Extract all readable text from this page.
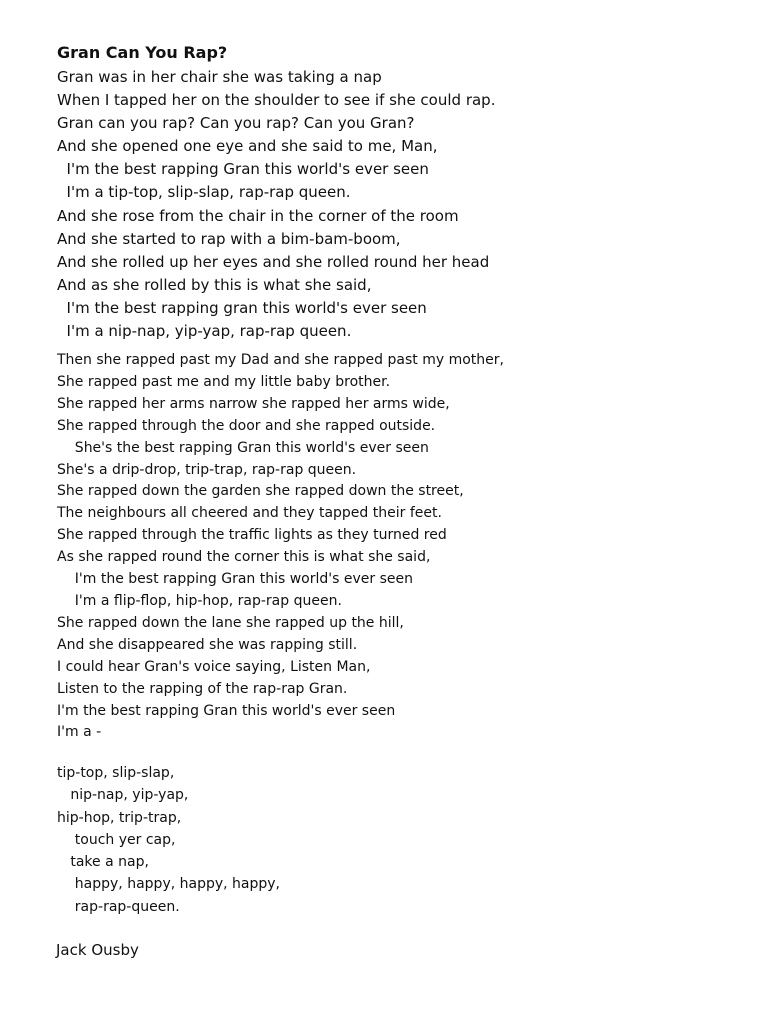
Gran Can You Rap?
Gran was in her chair she was taking a nap
When I tapped her on the shoulder to see if she could rap.
Gran can you rap? Can you rap? Can you Gran?
And she opened one eye and she said to me, Man,
I'm the best rapping Gran this world's ever seen
I'm a tip-top, slip-slap, rap-rap queen.
And she rose from the chair in the corner of the room
And she started to rap with a bim-bam-boom,
And she rolled up her eyes and she rolled round her head
And as she rolled by this is what she said,
I'm the best rapping gran this world's ever seen
I'm a nip-nap, yip-yap, rap-rap queen.
Then she rapped past my Dad and she rapped past my mother,
She rapped past me and my little baby brother.
She rapped her arms narrow she rapped her arms wide,
She rapped through the door and she rapped outside.
She's the best rapping Gran this world's ever seen
She's a drip-drop, trip-trap, rap-rap queen.
She rapped down the garden she rapped down the street,
The neighbours all cheered and they tapped their feet.
She rapped through the traffic lights as they turned red
As she rapped round the corner this is what she said,
I'm the best rapping Gran this world's ever seen
I'm a flip-flop, hip-hop, rap-rap queen.
She rapped down the lane she rapped up the hill,
And she disappeared she was rapping still.
I could hear Gran's voice saying, Listen Man,
Listen to the rapping of the rap-rap Gran.
I'm the best rapping Gran this world's ever seen
I'm a -
tip-top, slip-slap,
nip-nap, yip-yap,
hip-hop, trip-trap,
touch yer cap,
take a nap,
happy, happy, happy, happy,
rap-rap-queen.
Jack Ousby
